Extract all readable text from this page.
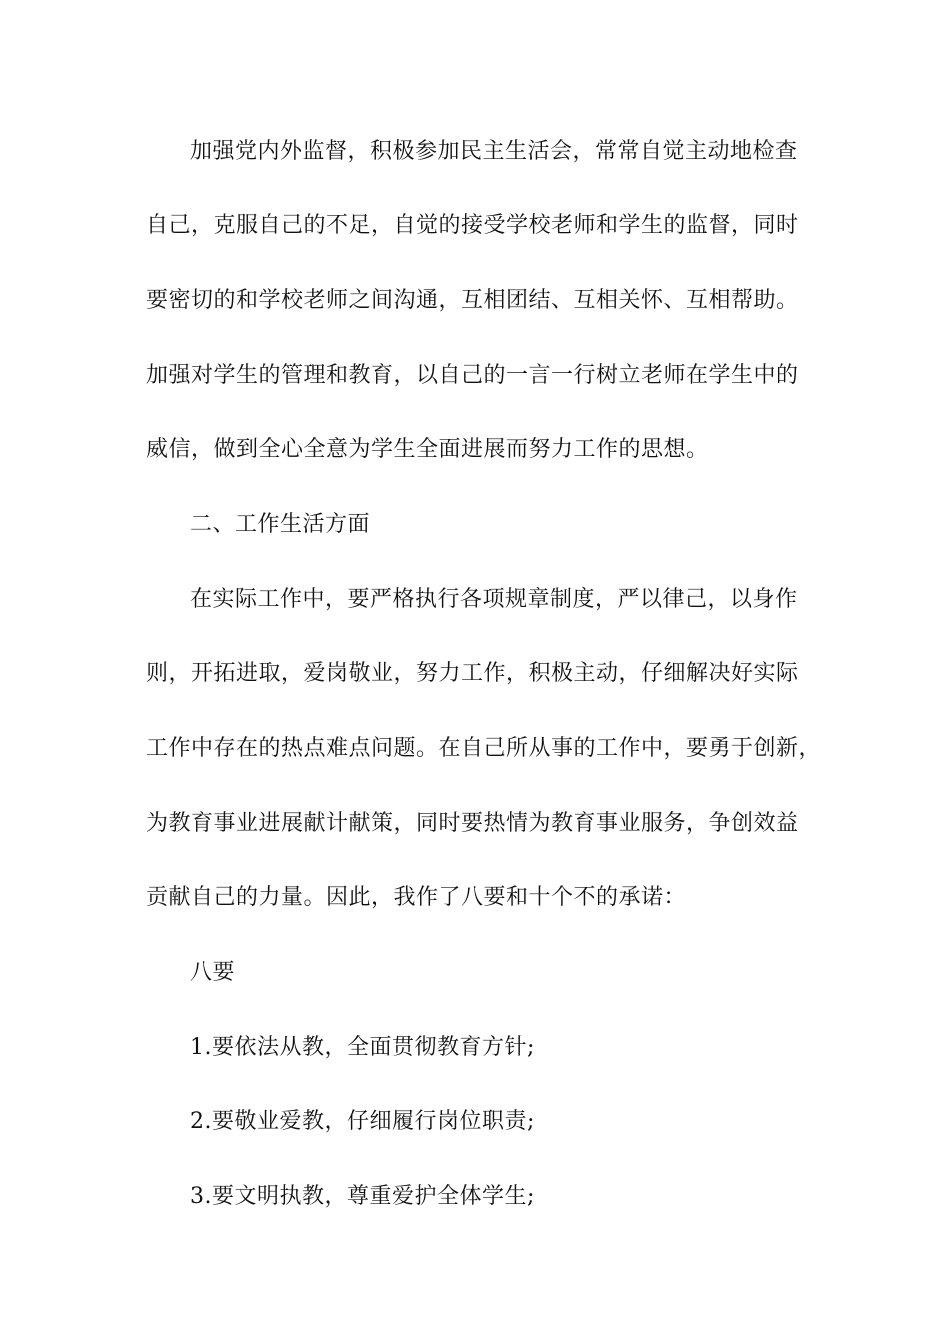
加强党内外监督，积极参加民主生活会，常常自觉主动地检查
自己，克服自己的不足，自觉的接受学校老师和学生的监督，同时
要密切的和学校老师之间沟通，互相团结、互相关怀、互相帮助。
加强对学生的管理和教育，以自己的一言一行树立老师在学生中的
威信，做到全心全意为学生全面进展而努力工作的思想。
二、工作生活方面
在实际工作中，要严格执行各项规章制度，严以律己，以身作
则，开拓进取，爱岗敬业，努力工作，积极主动，仔细解决好实际
工作中存在的热点难点问题。在自己所从事的工作中，要勇于创新，
为教育事业进展献计献策，同时要热情为教育事业服务，争创效益
贡献自己的力量。因此，我作了八要和十个不的承诺：
八要
1.要依法从教，全面贯彻教育方针;
2.要敬业爱教，仔细履行岗位职责;
3.要文明执教，尊重爱护全体学生;
